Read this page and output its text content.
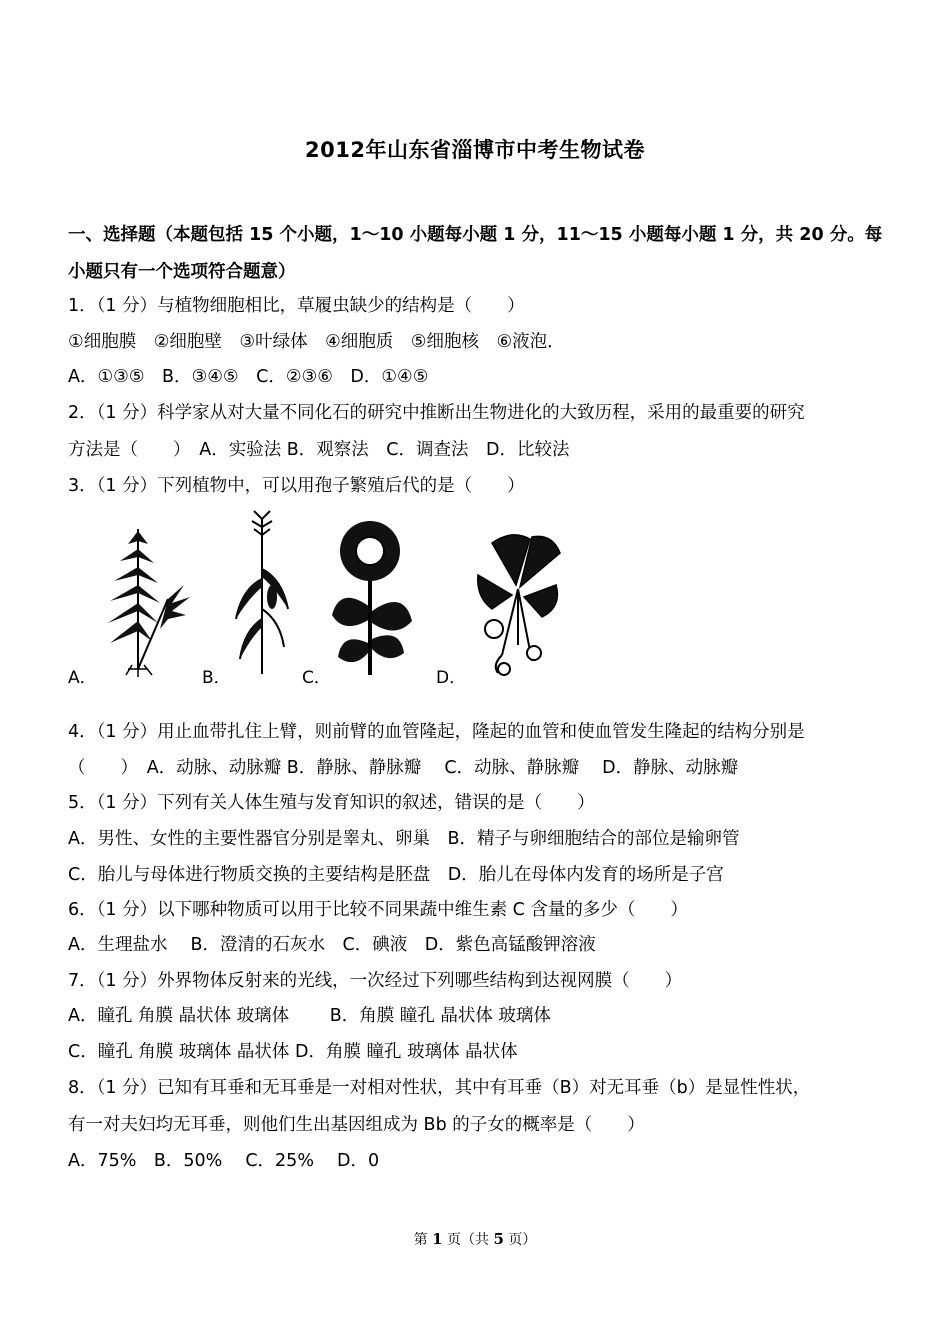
2012年山东省淄博市中考生物试卷
一、选择题（本题包括 15 个小题，1～10 小题每小题 1 分，11～15 小题每小题 1 分，共 20 分。每
小题只有一个选项符合题意）
1．（1 分）与植物细胞相比，草履虫缺少的结构是（　　）
①细胞膜　②细胞壁　③叶绿体　④细胞质　⑤细胞核　⑥液泡．
A．①③⑤　B．③④⑤　C．②③⑥　D．①④⑤
2．（1 分）科学家从对大量不同化石的研究中推断出生物进化的大致历程，采用的最重要的研究
方法是（　　）　A．实验法 B．观察法　C．调查法　D．比较法
3．（1 分）下列植物中，可以用孢子繁殖后代的是（　　）
A．	B．	C．	D．
4．（1 分）用止血带扎住上臂，则前臂的血管隆起，隆起的血管和使血管发生隆起的结构分别是
（　　）　A．动脉、动脉瓣 B．静脉、静脉瓣　 C．动脉、静脉瓣　 D．静脉、动脉瓣
5．（1 分）下列有关人体生殖与发育知识的叙述，错误的是（　　）
A．男性、女性的主要性器官分别是睾丸、卵巢　B．精子与卵细胞结合的部位是输卵管
C．胎儿与母体进行物质交换的主要结构是胚盘　D．胎儿在母体内发育的场所是子宫
6．（1 分）以下哪种物质可以用于比较不同果蔬中维生素 C 含量的多少（　　）
A．生理盐水　 B．澄清的石灰水　C．碘液　D．紫色高锰酸钾溶液
7．（1 分）外界物体反射来的光线，一次经过下列哪些结构到达视网膜（　　）
A．瞳孔 角膜 晶状体 玻璃体　　 B．角膜 瞳孔 晶状体 玻璃体
C．瞳孔 角膜 玻璃体 晶状体 D．角膜 瞳孔 玻璃体 晶状体
8．（1 分）已知有耳垂和无耳垂是一对相对性状，其中有耳垂（B）对无耳垂（b）是显性性状，
有一对夫妇均无耳垂，则他们生出基因组成为 Bb 的子女的概率是（　　）
A．75%　B．50%　 C．25%　 D．0
第 1 页（共 5 页）
